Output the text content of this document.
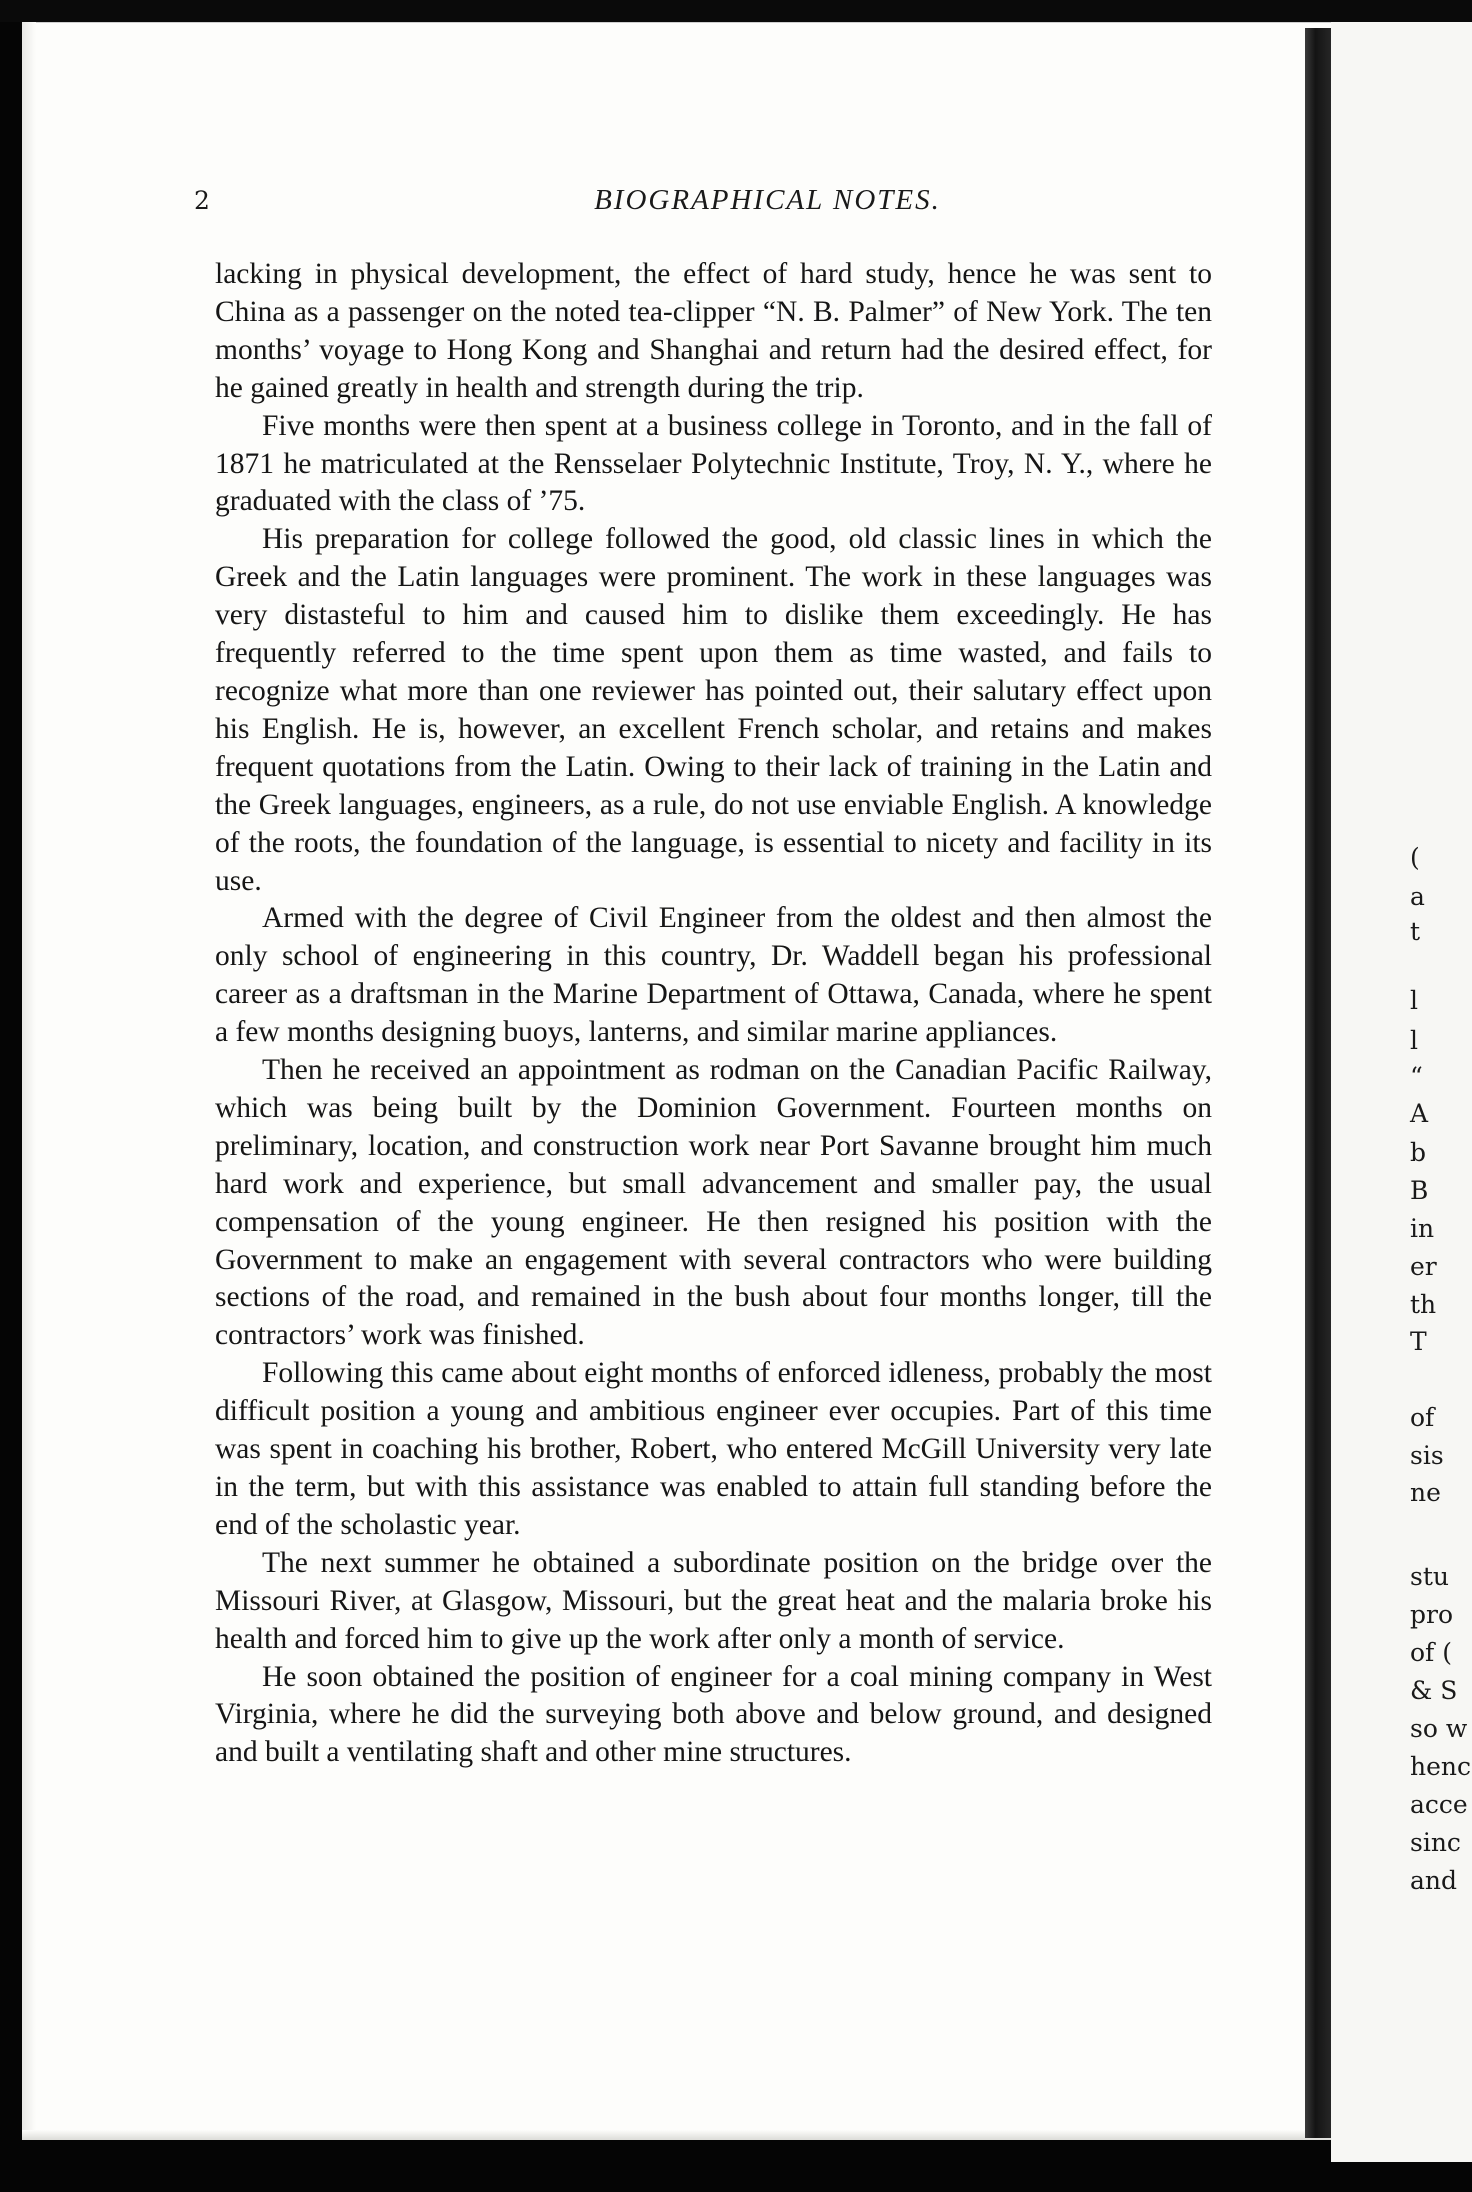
(
a
t
l
l
“
A
b
B
in
er
th
T
of
sis
ne
stu
pro
of (
& S
so w
henc
acce
sinc
and
2	BIOGRAPHICAL NOTES.

lacking in physical development, the effect of hard study, hence he was sent to China as a passenger on the noted tea-clipper “N. B. Palmer” of New York. The ten months’ voyage to Hong Kong and Shanghai and return had the desired effect, for he gained greatly in health and strength during the trip.

Five months were then spent at a business college in Toronto, and in the fall of 1871 he matriculated at the Rensselaer Polytechnic Institute, Troy, N. Y., where he graduated with the class of ’75.

His preparation for college followed the good, old classic lines in which the Greek and the Latin languages were prominent. The work in these languages was very distasteful to him and caused him to dislike them exceedingly. He has frequently referred to the time spent upon them as time wasted, and fails to recognize what more than one reviewer has pointed out, their salutary effect upon his English. He is, however, an excellent French scholar, and retains and makes frequent quotations from the Latin. Owing to their lack of training in the Latin and the Greek languages, engineers, as a rule, do not use enviable English. A knowledge of the roots, the foundation of the language, is essential to nicety and facility in its use.

Armed with the degree of Civil Engineer from the oldest and then almost the only school of engineering in this country, Dr. Waddell began his professional career as a draftsman in the Marine Department of Ottawa, Canada, where he spent a few months designing buoys, lanterns, and similar marine appliances.

Then he received an appointment as rodman on the Canadian Pacific Railway, which was being built by the Dominion Government. Fourteen months on preliminary, location, and construction work near Port Savanne brought him much hard work and experience, but small advancement and smaller pay, the usual compensation of the young engineer. He then resigned his position with the Government to make an engagement with several contractors who were building sections of the road, and remained in the bush about four months longer, till the contractors’ work was finished.

Following this came about eight months of enforced idleness, probably the most difficult position a young and ambitious engineer ever occupies. Part of this time was spent in coaching his brother, Robert, who entered McGill University very late in the term, but with this assistance was enabled to attain full standing before the end of the scholastic year.

The next summer he obtained a subordinate position on the bridge over the Missouri River, at Glasgow, Missouri, but the great heat and the malaria broke his health and forced him to give up the work after only a month of service.

He soon obtained the position of engineer for a coal mining company in West Virginia, where he did the surveying both above and below ground, and designed and built a ventilating shaft and other mine structures.
